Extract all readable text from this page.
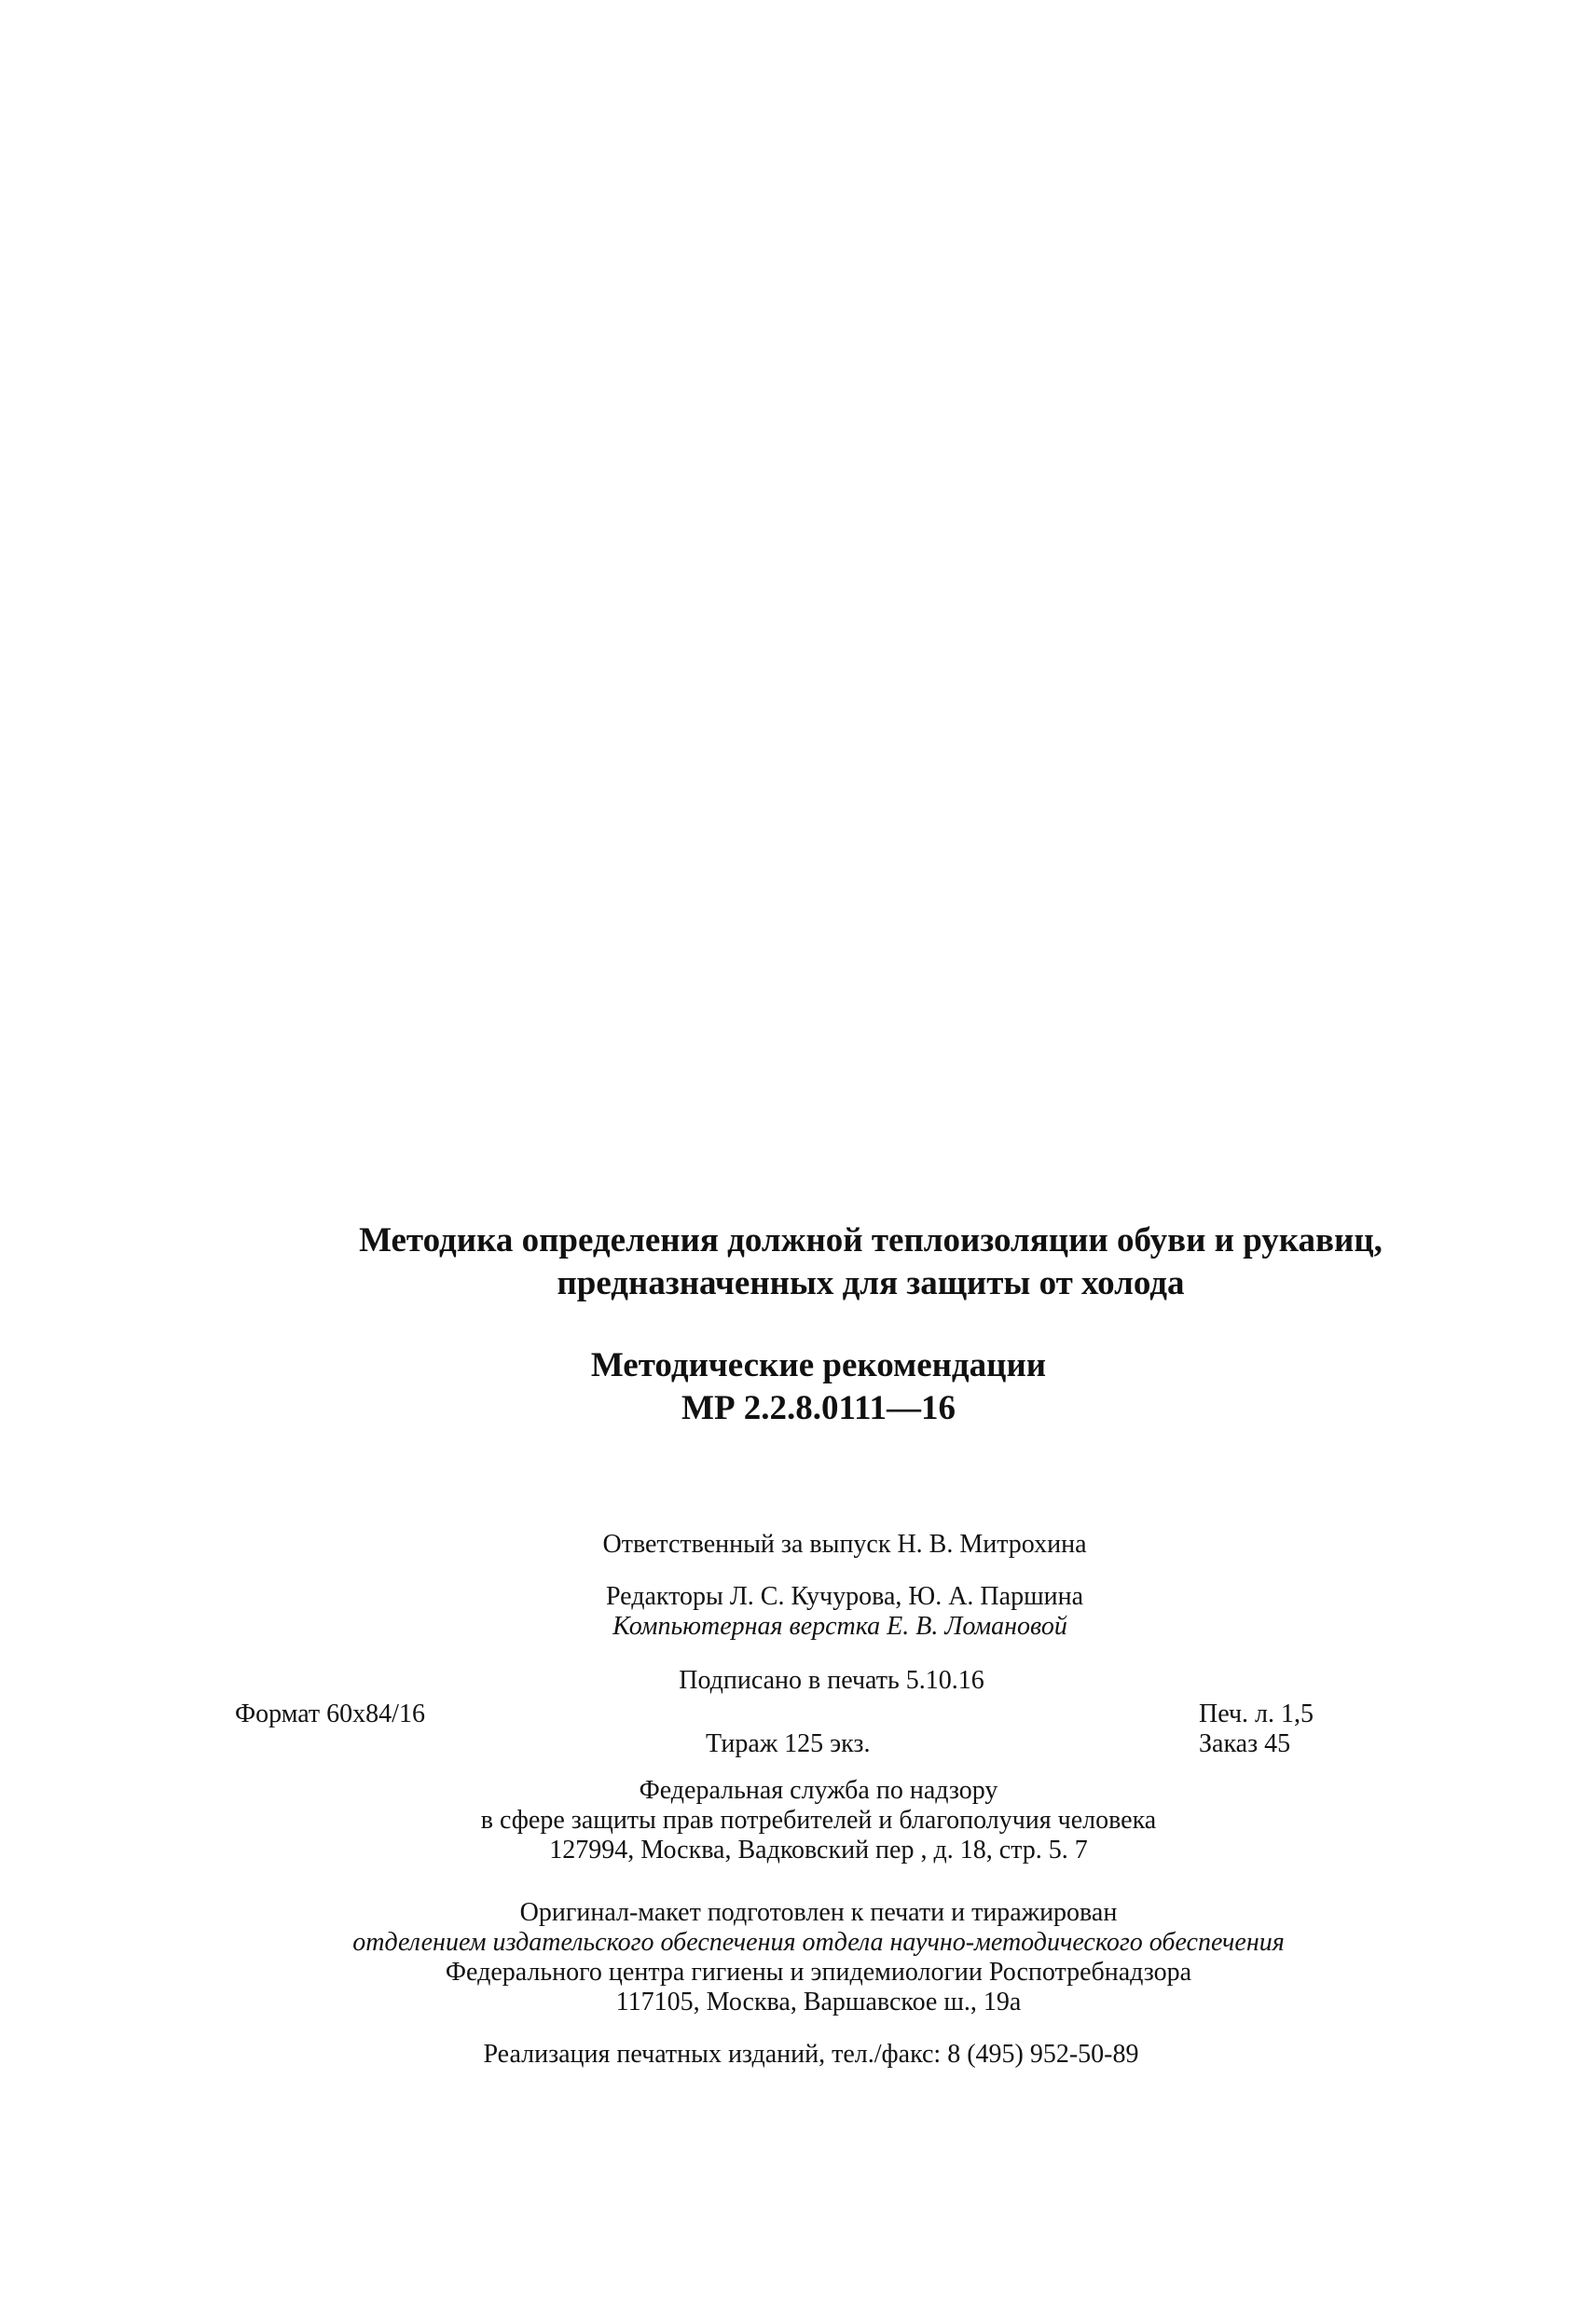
Методика определения должной теплоизоляции обуви и рукавиц,
предназначенных для защиты от холода
Методические рекомендации
МР 2.2.8.0111—16
Ответственный за выпуск Н. В. Митрохина
Редакторы Л. С. Кучурова, Ю. А. Паршина
Компьютерная верстка Е. В. Ломановой
Подписано в печать 5.10.16
Формат 60х84/16	Печ. л. 1,5
Тираж 125 экз.	Заказ 45
Федеральная служба по надзору
в сфере защиты прав потребителей и благополучия человека
127994, Москва, Вадковский пер , д. 18, стр. 5. 7
Оригинал-макет подготовлен к печати и тиражирован
отделением издательского обеспечения отдела научно-методического обеспечения
Федерального центра гигиены и эпидемиологии Роспотребнадзора
117105, Москва, Варшавское ш., 19а
Реализация печатных изданий, тел./факс: 8 (495) 952-50-89
